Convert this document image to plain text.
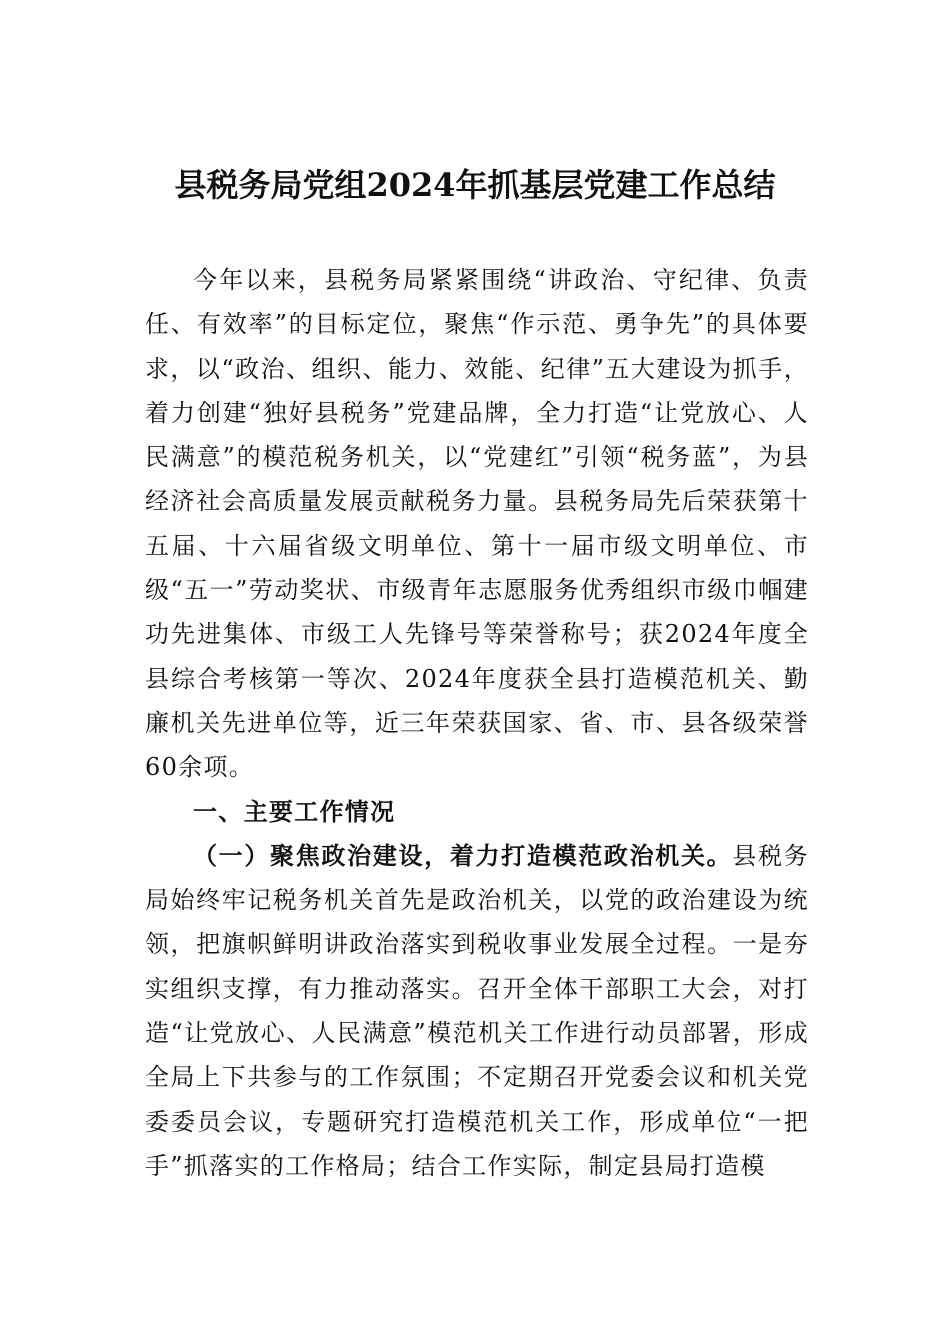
县税务局党组2024年抓基层党建工作总结

今年以来，县税务局紧紧围绕“讲政治、守纪律、负责任、有效率”的目标定位，聚焦“作示范、勇争先”的具体要求，以“政治、组织、能力、效能、纪律”五大建设为抓手，着力创建“独好县税务”党建品牌，全力打造“让党放心、人民满意”的模范税务机关，以“党建红”引领“税务蓝”，为县经济社会高质量发展贡献税务力量。县税务局先后荣获第十五届、十六届省级文明单位、第十一届市级文明单位、市级“五一”劳动奖状、市级青年志愿服务优秀组织市级巾帼建功先进集体、市级工人先锋号等荣誉称号；获2024年度全县综合考核第一等次、2024年度获全县打造模范机关、勤廉机关先进单位等，近三年荣获国家、省、市、县各级荣誉60余项。

一、主要工作情况

（一）聚焦政治建设，着力打造模范政治机关。县税务局始终牢记税务机关首先是政治机关，以党的政治建设为统领，把旗帜鲜明讲政治落实到税收事业发展全过程。一是夯实组织支撑，有力推动落实。召开全体干部职工大会，对打造“让党放心、人民满意”模范机关工作进行动员部署，形成全局上下共参与的工作氛围；不定期召开党委会议和机关党委委员会议，专题研究打造模范机关工作，形成单位“一把手”抓落实的工作格局；结合工作实际，制定县局打造模
